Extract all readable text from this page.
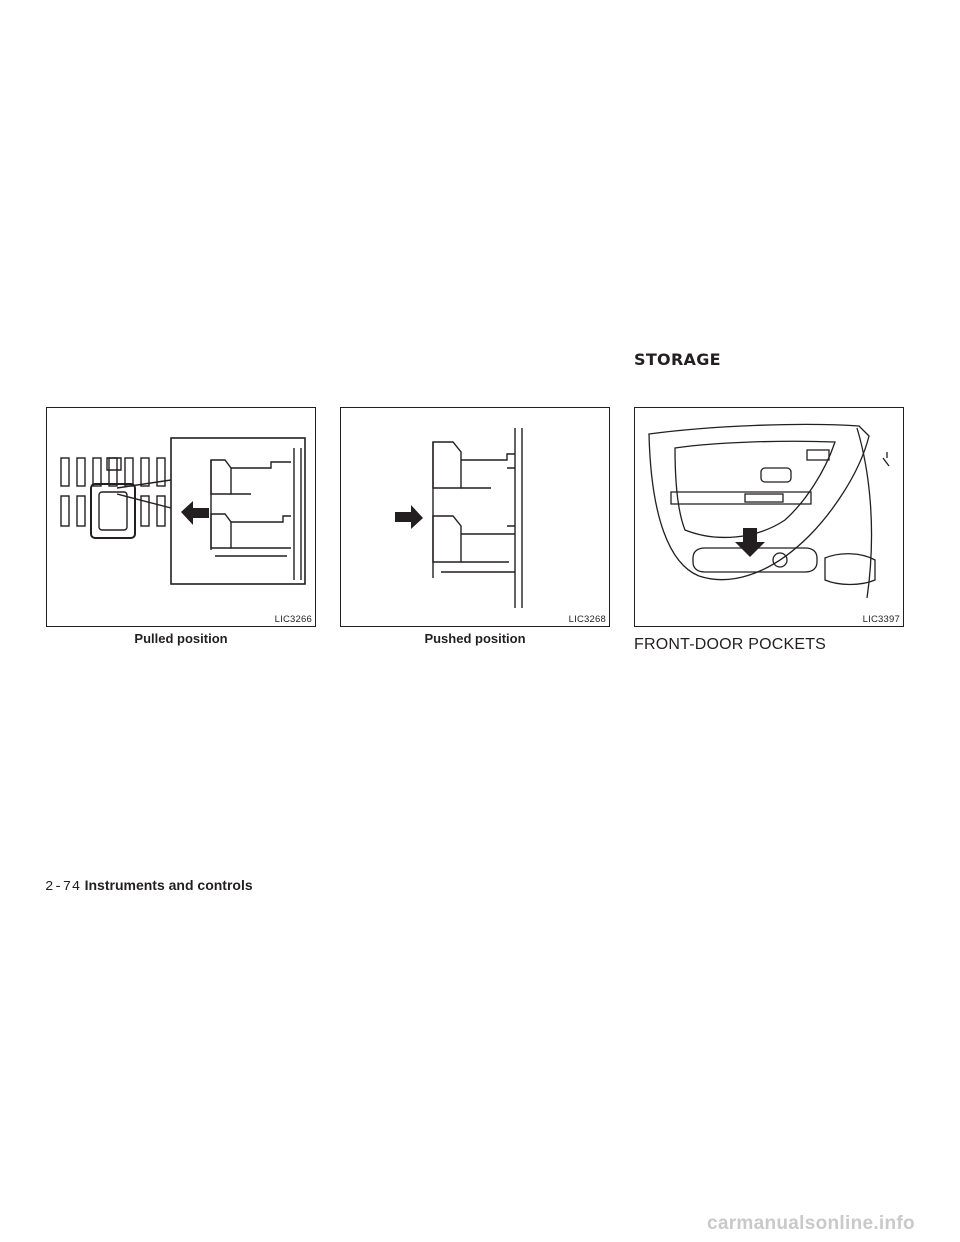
STORAGE
LIC3266
Pulled position
LIC3268
Pushed position
LIC3397
FRONT-DOOR POCKETS
2-74 Instruments and controls
carmanualsonline.info
